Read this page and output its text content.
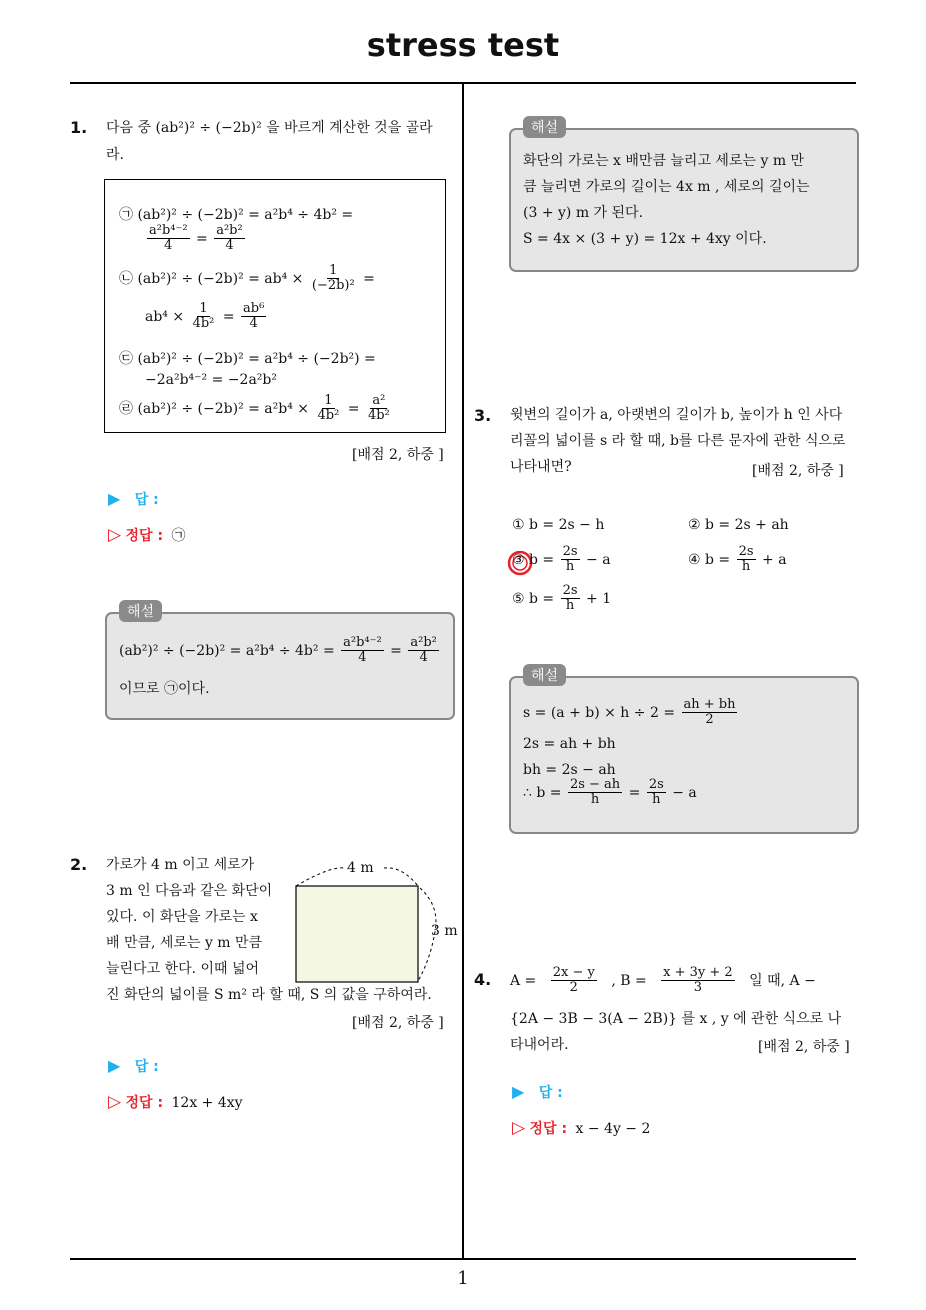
stress test
1
1. 다음 중 (ab²)² ÷ (−2b)² 을 바르게 계산한 것을 골라
라.
㉠ (ab²)² ÷ (−2b)² = a²b⁴ ÷ 4b² =
$\frac{\text{a²b⁴⁻²}}{4} = \frac{\text{a²b²}}{4}$
㉡ $(ab^2)^2 \div (-2b)^2 = ab^4 \times \frac{1}{\text{(−2b)²}}$ =
$ab^4 \times \frac{1}{\text{4b²}} = \frac{\text{ab⁶}}{4}$
㉢ (ab²)² ÷ (−2b)² = a²b⁴ ÷ (−2b²) =
−2a²b⁴⁻² = −2a²b²
㉣ $(ab^2)^2 \div (-2b)^2 = a^2b^4 \times \frac{1}{\text{4b²}} = \frac{\text{a²}}{\text{4b²}}$
[배점 2, 하중 ]
▶ 답 :
▷ 정답 : ㉠
$(ab^2)^2 \div (-2b)^2 = a^2b^4 \div 4b^2 = \frac{\text{a²b⁴⁻²}}{4} = \frac{\text{a²b²}}{4}$
이므로 ㉠이다.
해설
2. 가로가 4 m 이고 세로가
3 m 인 다음과 같은 화단이
있다. 이 화단을 가로는 x
배 만큼, 세로는 y m 만큼
늘린다고 한다. 이때 넓어
진 화단의 넓이를 S m² 라 할 때, S 의 값을 구하여라.
4 m
3 m
[배점 2, 하중 ]
▶ 답 :
▷ 정답 : 12x + 4xy
화단의 가로는 x 배만큼 늘리고 세로는 y m 만
큼 늘리면 가로의 길이는 4x m , 세로의 길이는
(3 + y) m 가 된다.
S = 4x × (3 + y) = 12x + 4xy 이다.
해설
3. 윗변의 길이가 a, 아랫변의 길이가 b, 높이가 h 인 사다
리꼴의 넓이를 s 라 할 때, b를 다른 문자에 관한 식으로
나타내면?	[배점 2, 하중 ]
① b = 2s − h	② b = 2s + ah
③ $b = \frac{2s}{h} - a$	④ $b = \frac{2s}{h} + a$
⑤ $b = \frac{2s}{h} + 1$
$s = (a + b) \times h \div 2 = \frac{ah + bh}{2}$
2s = ah + bh
bh = 2s − ah
∴ $b = \frac{2s - ah}{h} = \frac{2s}{h} - a$
해설
4. $A = \frac{2x - y}{2}$ , $B = \frac{x + 3y + 2}{3}$ 일 때, A −
{2A − 3B − 3(A − 2B)} 를 x , y 에 관한 식으로 나
타내어라.	[배점 2, 하중 ]
▶ 답 :
▷ 정답 : x − 4y − 2
